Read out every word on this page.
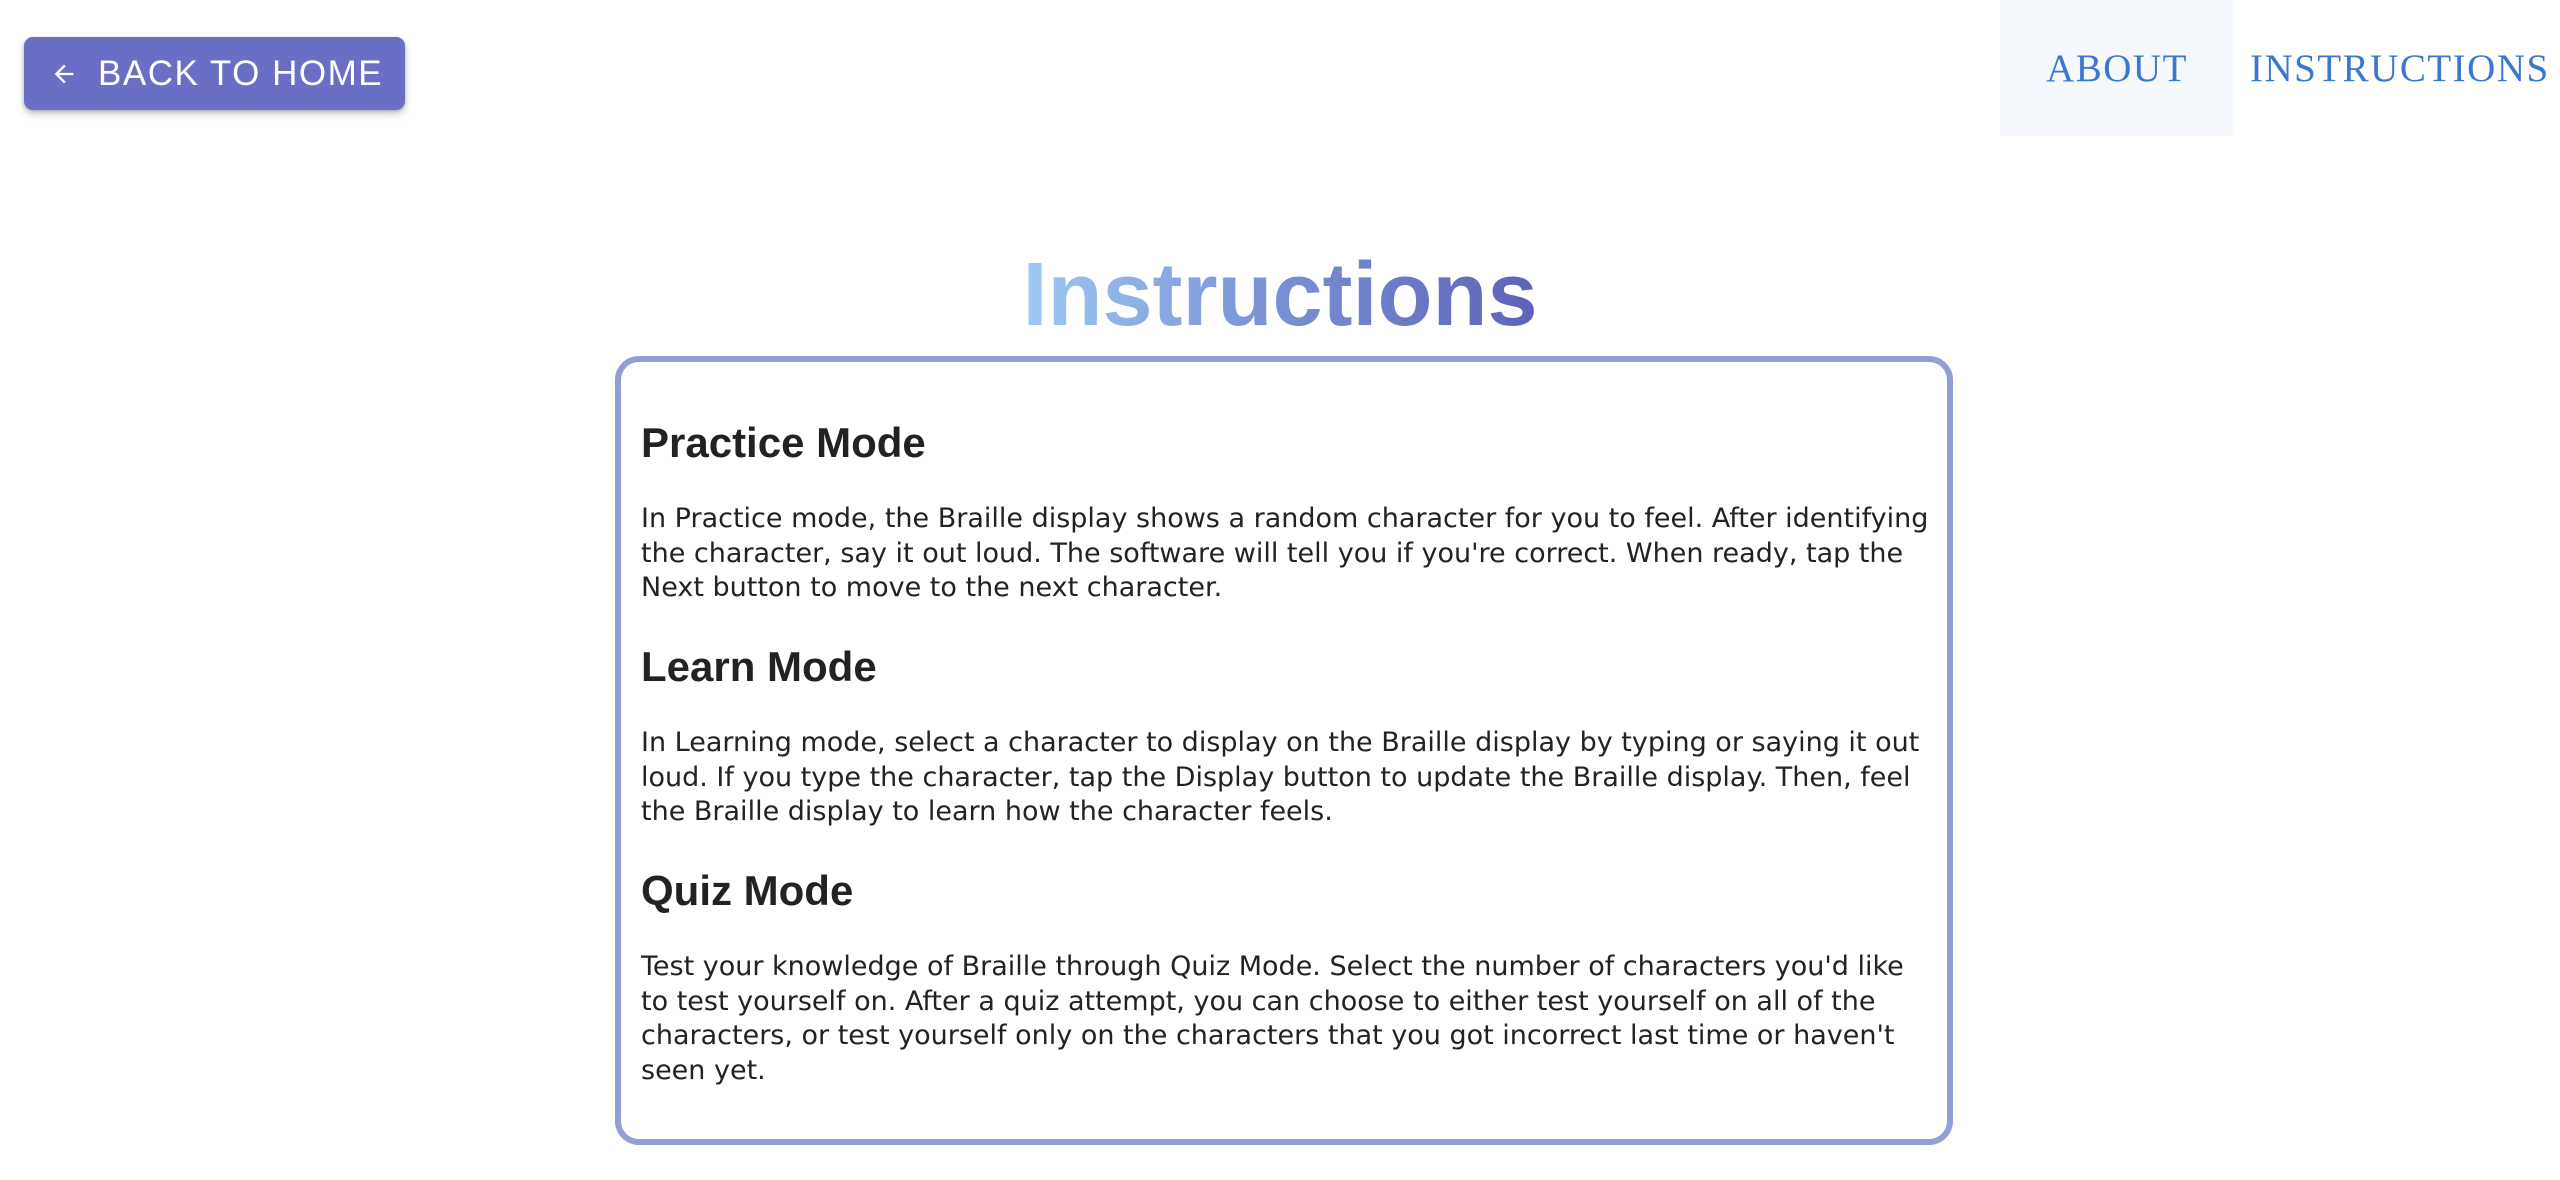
BACK TO HOME	ABOUT	INSTRUCTIONS
Instructions
Practice Mode

In Practice mode, the Braille display shows a random character for you to feel. After identifying the character, say it out loud. The software will tell you if you're correct. When ready, tap the Next button to move to the next character.

Learn Mode

In Learning mode, select a character to display on the Braille display by typing or saying it out loud. If you type the character, tap the Display button to update the Braille display. Then, feel the Braille display to learn how the character feels.

Quiz Mode

Test your knowledge of Braille through Quiz Mode. Select the number of characters you'd like to test yourself on. After a quiz attempt, you can choose to either test yourself on all of the characters, or test yourself only on the characters that you got incorrect last time or haven't seen yet.
